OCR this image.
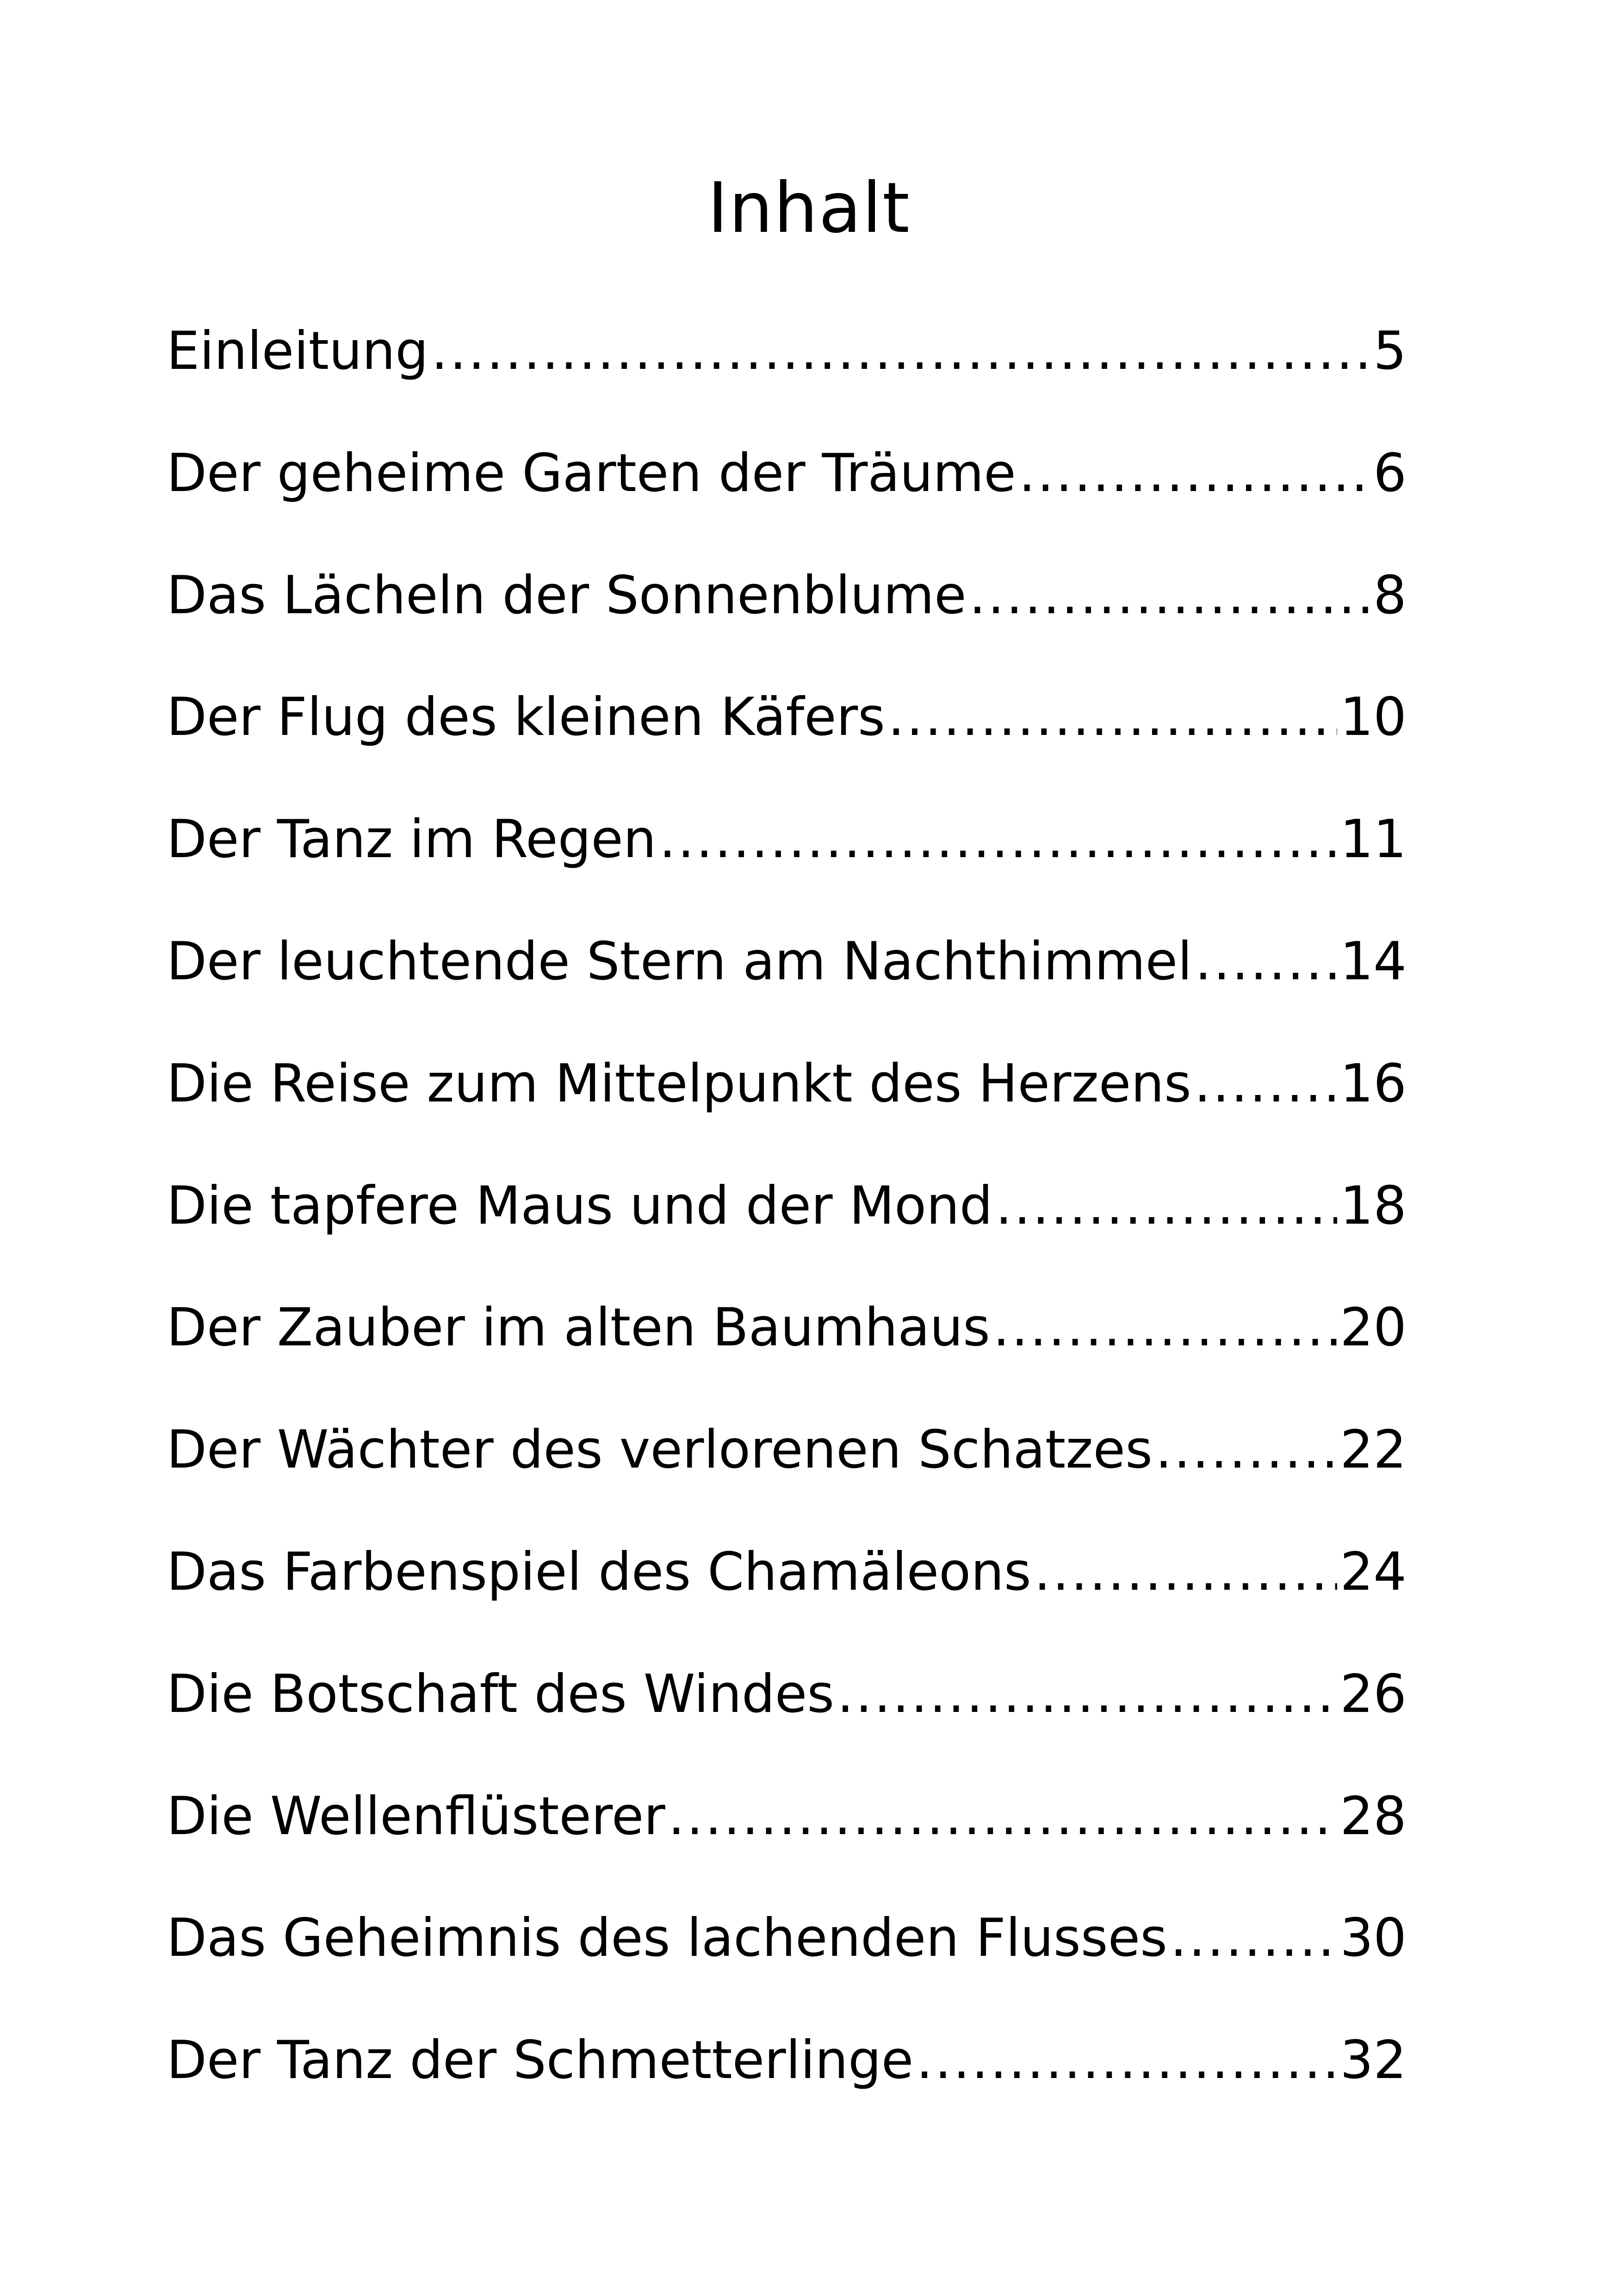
Inhalt
Einleitung .....	5
Der geheime Garten der Träume .....	6
Das Lächeln der Sonnenblume .....	8
Der Flug des kleinen Käfers .....	10
Der Tanz im Regen .....	11
Der leuchtende Stern am Nachthimmel .....	14
Die Reise zum Mittelpunkt des Herzens .....	16
Die tapfere Maus und der Mond .....	18
Der Zauber im alten Baumhaus .....	20
Der Wächter des verlorenen Schatzes .....	22
Das Farbenspiel des Chamäleons .....	24
Die Botschaft des Windes .....	26
Die Wellenflüsterer .....	28
Das Geheimnis des lachenden Flusses .....	30
Der Tanz der Schmetterlinge .....	32
